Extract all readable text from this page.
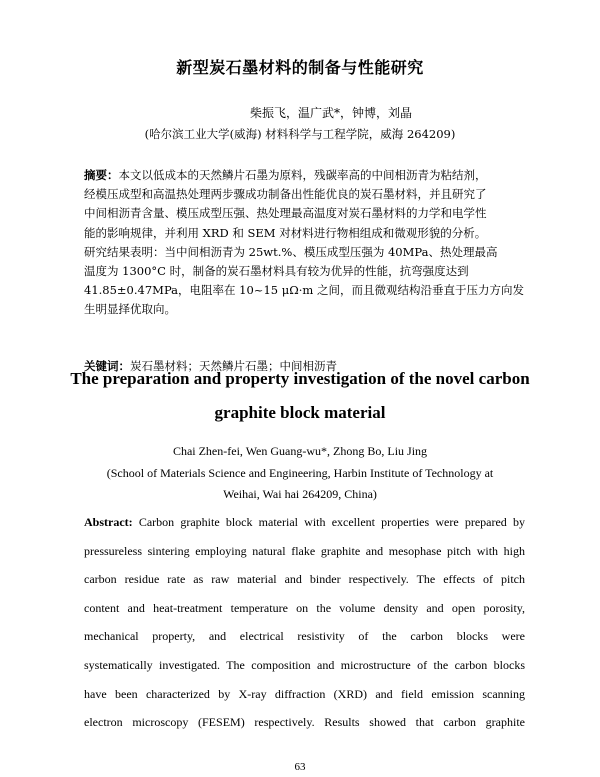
新型炭石墨材料的制备与性能研究
柴振飞，温广武*，钟博，刘晶
(哈尔滨工业大学(威海) 材料科学与工程学院，威海 264209)
摘要：本文以低成本的天然鳞片石墨为原料，残碳率高的中间相沥青为粘结剂，
经模压成型和高温热处理两步骤成功制备出性能优良的炭石墨材料，并且研究了
中间相沥青含量、模压成型压强、热处理最高温度对炭石墨材料的力学和电学性
能的影响规律，并利用 XRD 和 SEM 对材料进行物相组成和微观形貌的分析。
研究结果表明：当中间相沥青为 25wt.%、模压成型压强为 40MPa、热处理最高
温度为 1300°C 时，制备的炭石墨材料具有较为优异的性能，抗弯强度达到
41.85±0.47MPa，电阻率在 10~15 μΩ·m 之间，而且微观结构沿垂直于压力方向发
生明显择优取向。
关键词：炭石墨材料；天然鳞片石墨；中间相沥青
The preparation and property investigation of the novel carbon
graphite block material
Chai Zhen-fei, Wen Guang-wu*, Zhong Bo, Liu Jing
(School of Materials Science and Engineering, Harbin Institute of Technology at
Weihai, Wai hai 264209, China)
Abstract: Carbon graphite block material with excellent properties were prepared by
pressureless sintering employing natural flake graphite and mesophase pitch with high
carbon residue rate as raw material and binder respectively. The effects of pitch
content and heat-treatment temperature on the volume density and open porosity,
mechanical property, and electrical resistivity of the carbon blocks were
systematically investigated. The composition and microstructure of the carbon blocks
have been characterized by X-ray diffraction (XRD) and field emission scanning
electron microscopy (FESEM) respectively. Results showed that carbon graphite
63
